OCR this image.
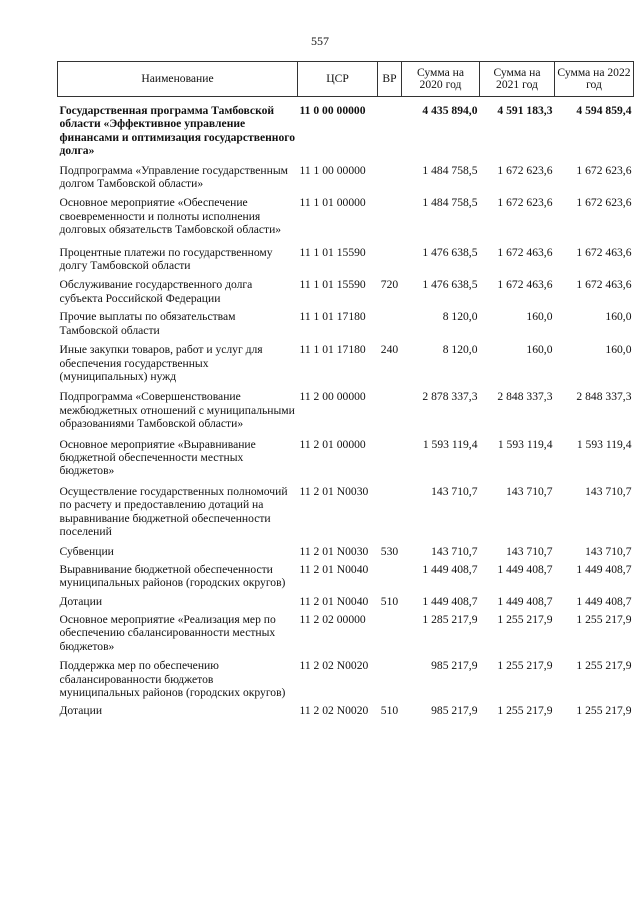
557
Наименование	ЦСР	ВР	Сумма на 2020 год	Сумма на 2021 год	Сумма на 2022 год
Государственная программа Тамбовской области «Эффективное управление финансами и оптимизация государственного долга»	11 0 00 00000		4 435 894,0	4 591 183,3	4 594 859,4
Подпрограмма «Управление государственным долгом Тамбовской области»	11 1 00 00000		1 484 758,5	1 672 623,6	1 672 623,6
Основное мероприятие «Обеспечение своевременности и полноты исполнения долговых обязательств Тамбовской области»	11 1 01 00000		1 484 758,5	1 672 623,6	1 672 623,6
Процентные платежи по государственному долгу Тамбовской области	11 1 01 15590		1 476 638,5	1 672 463,6	1 672 463,6
Обслуживание государственного долга субъекта Российской Федерации	11 1 01 15590	720	1 476 638,5	1 672 463,6	1 672 463,6
Прочие выплаты по обязательствам Тамбовской области	11 1 01 17180		8 120,0	160,0	160,0
Иные закупки товаров, работ и услуг для обеспечения государственных (муниципальных) нужд	11 1 01 17180	240	8 120,0	160,0	160,0
Подпрограмма «Совершенствование межбюджетных отношений с муниципальными образованиями Тамбовской области»	11 2 00 00000		2 878 337,3	2 848 337,3	2 848 337,3
Основное мероприятие «Выравнивание бюджетной обеспеченности местных бюджетов»	11 2 01 00000		1 593 119,4	1 593 119,4	1 593 119,4
Осуществление государственных полномочий по расчету и предоставлению дотаций на выравнивание бюджетной обеспеченности поселений	11 2 01 N0030		143 710,7	143 710,7	143 710,7
Субвенции	11 2 01 N0030	530	143 710,7	143 710,7	143 710,7
Выравнивание бюджетной обеспеченности муниципальных районов (городских округов)	11 2 01 N0040		1 449 408,7	1 449 408,7	1 449 408,7
Дотации	11 2 01 N0040	510	1 449 408,7	1 449 408,7	1 449 408,7
Основное мероприятие «Реализация мер по обеспечению сбалансированности местных бюджетов»	11 2 02 00000		1 285 217,9	1 255 217,9	1 255 217,9
Поддержка мер по обеспечению сбалансированности бюджетов муниципальных районов (городских округов)	11 2 02 N0020		985 217,9	1 255 217,9	1 255 217,9
Дотации	11 2 02 N0020	510	985 217,9	1 255 217,9	1 255 217,9
